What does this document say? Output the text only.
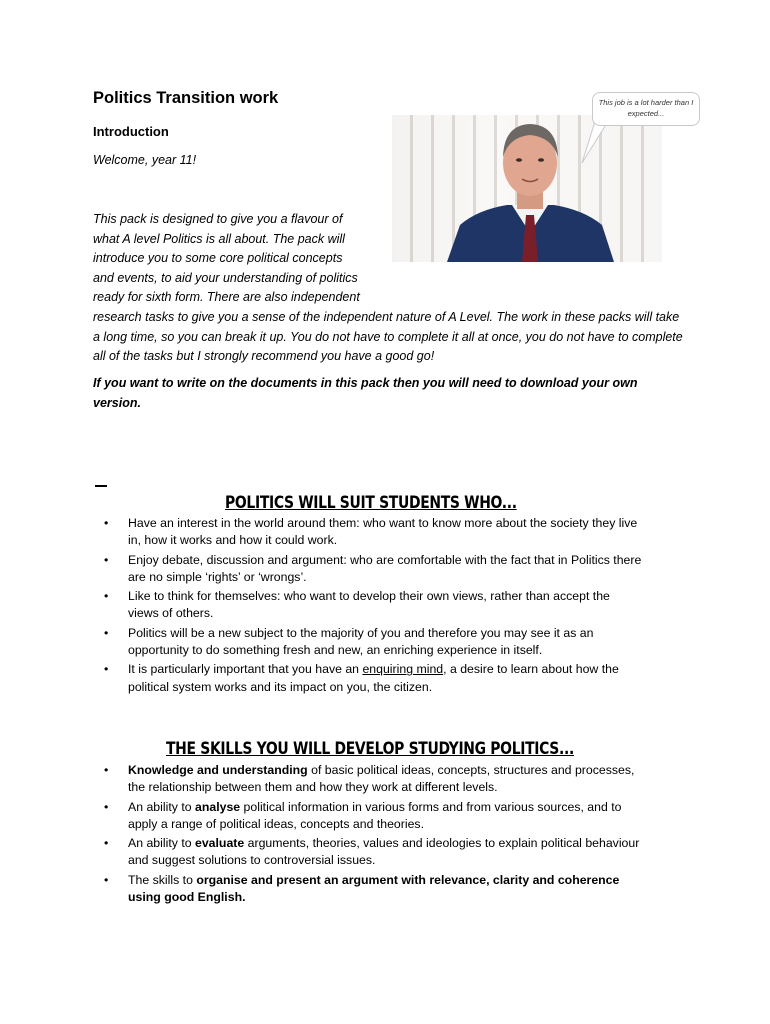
Politics Transition work
Introduction
Welcome, year 11!
This job is a lot harder than I expected...
This pack is designed to give you a flavour of what A level Politics is all about. The pack will introduce you to some core political concepts and events, to aid your understanding of politics ready for sixth form. There are also independent research tasks to give you a sense of the independent nature of A Level. The work in these packs will take a long time, so you can break it up. You do not have to complete it all at once, you do not have to complete all of the tasks but I strongly recommend you have a good go!
If you want to write on the documents in this pack then you will need to download your own version.
POLITICS WILL SUIT STUDENTS WHO...
• Have an interest in the world around them: who want to know more about the society they live in, how it works and how it could work.
• Enjoy debate, discussion and argument: who are comfortable with the fact that in Politics there are no simple ‘rights’ or ‘wrongs’.
• Like to think for themselves: who want to develop their own views, rather than accept the views of others.
• Politics will be a new subject to the majority of you and therefore you may see it as an opportunity to do something fresh and new, an enriching experience in itself.
• It is particularly important that you have an enquiring mind, a desire to learn about how the political system works and its impact on you, the citizen.
THE SKILLS YOU WILL DEVELOP STUDYING POLITICS...
• Knowledge and understanding of basic political ideas, concepts, structures and processes, the relationship between them and how they work at different levels.
• An ability to analyse political information in various forms and from various sources, and to apply a range of political ideas, concepts and theories.
• An ability to evaluate arguments, theories, values and ideologies to explain political behaviour and suggest solutions to controversial issues.
• The skills to organise and present an argument with relevance, clarity and coherence using good English.
